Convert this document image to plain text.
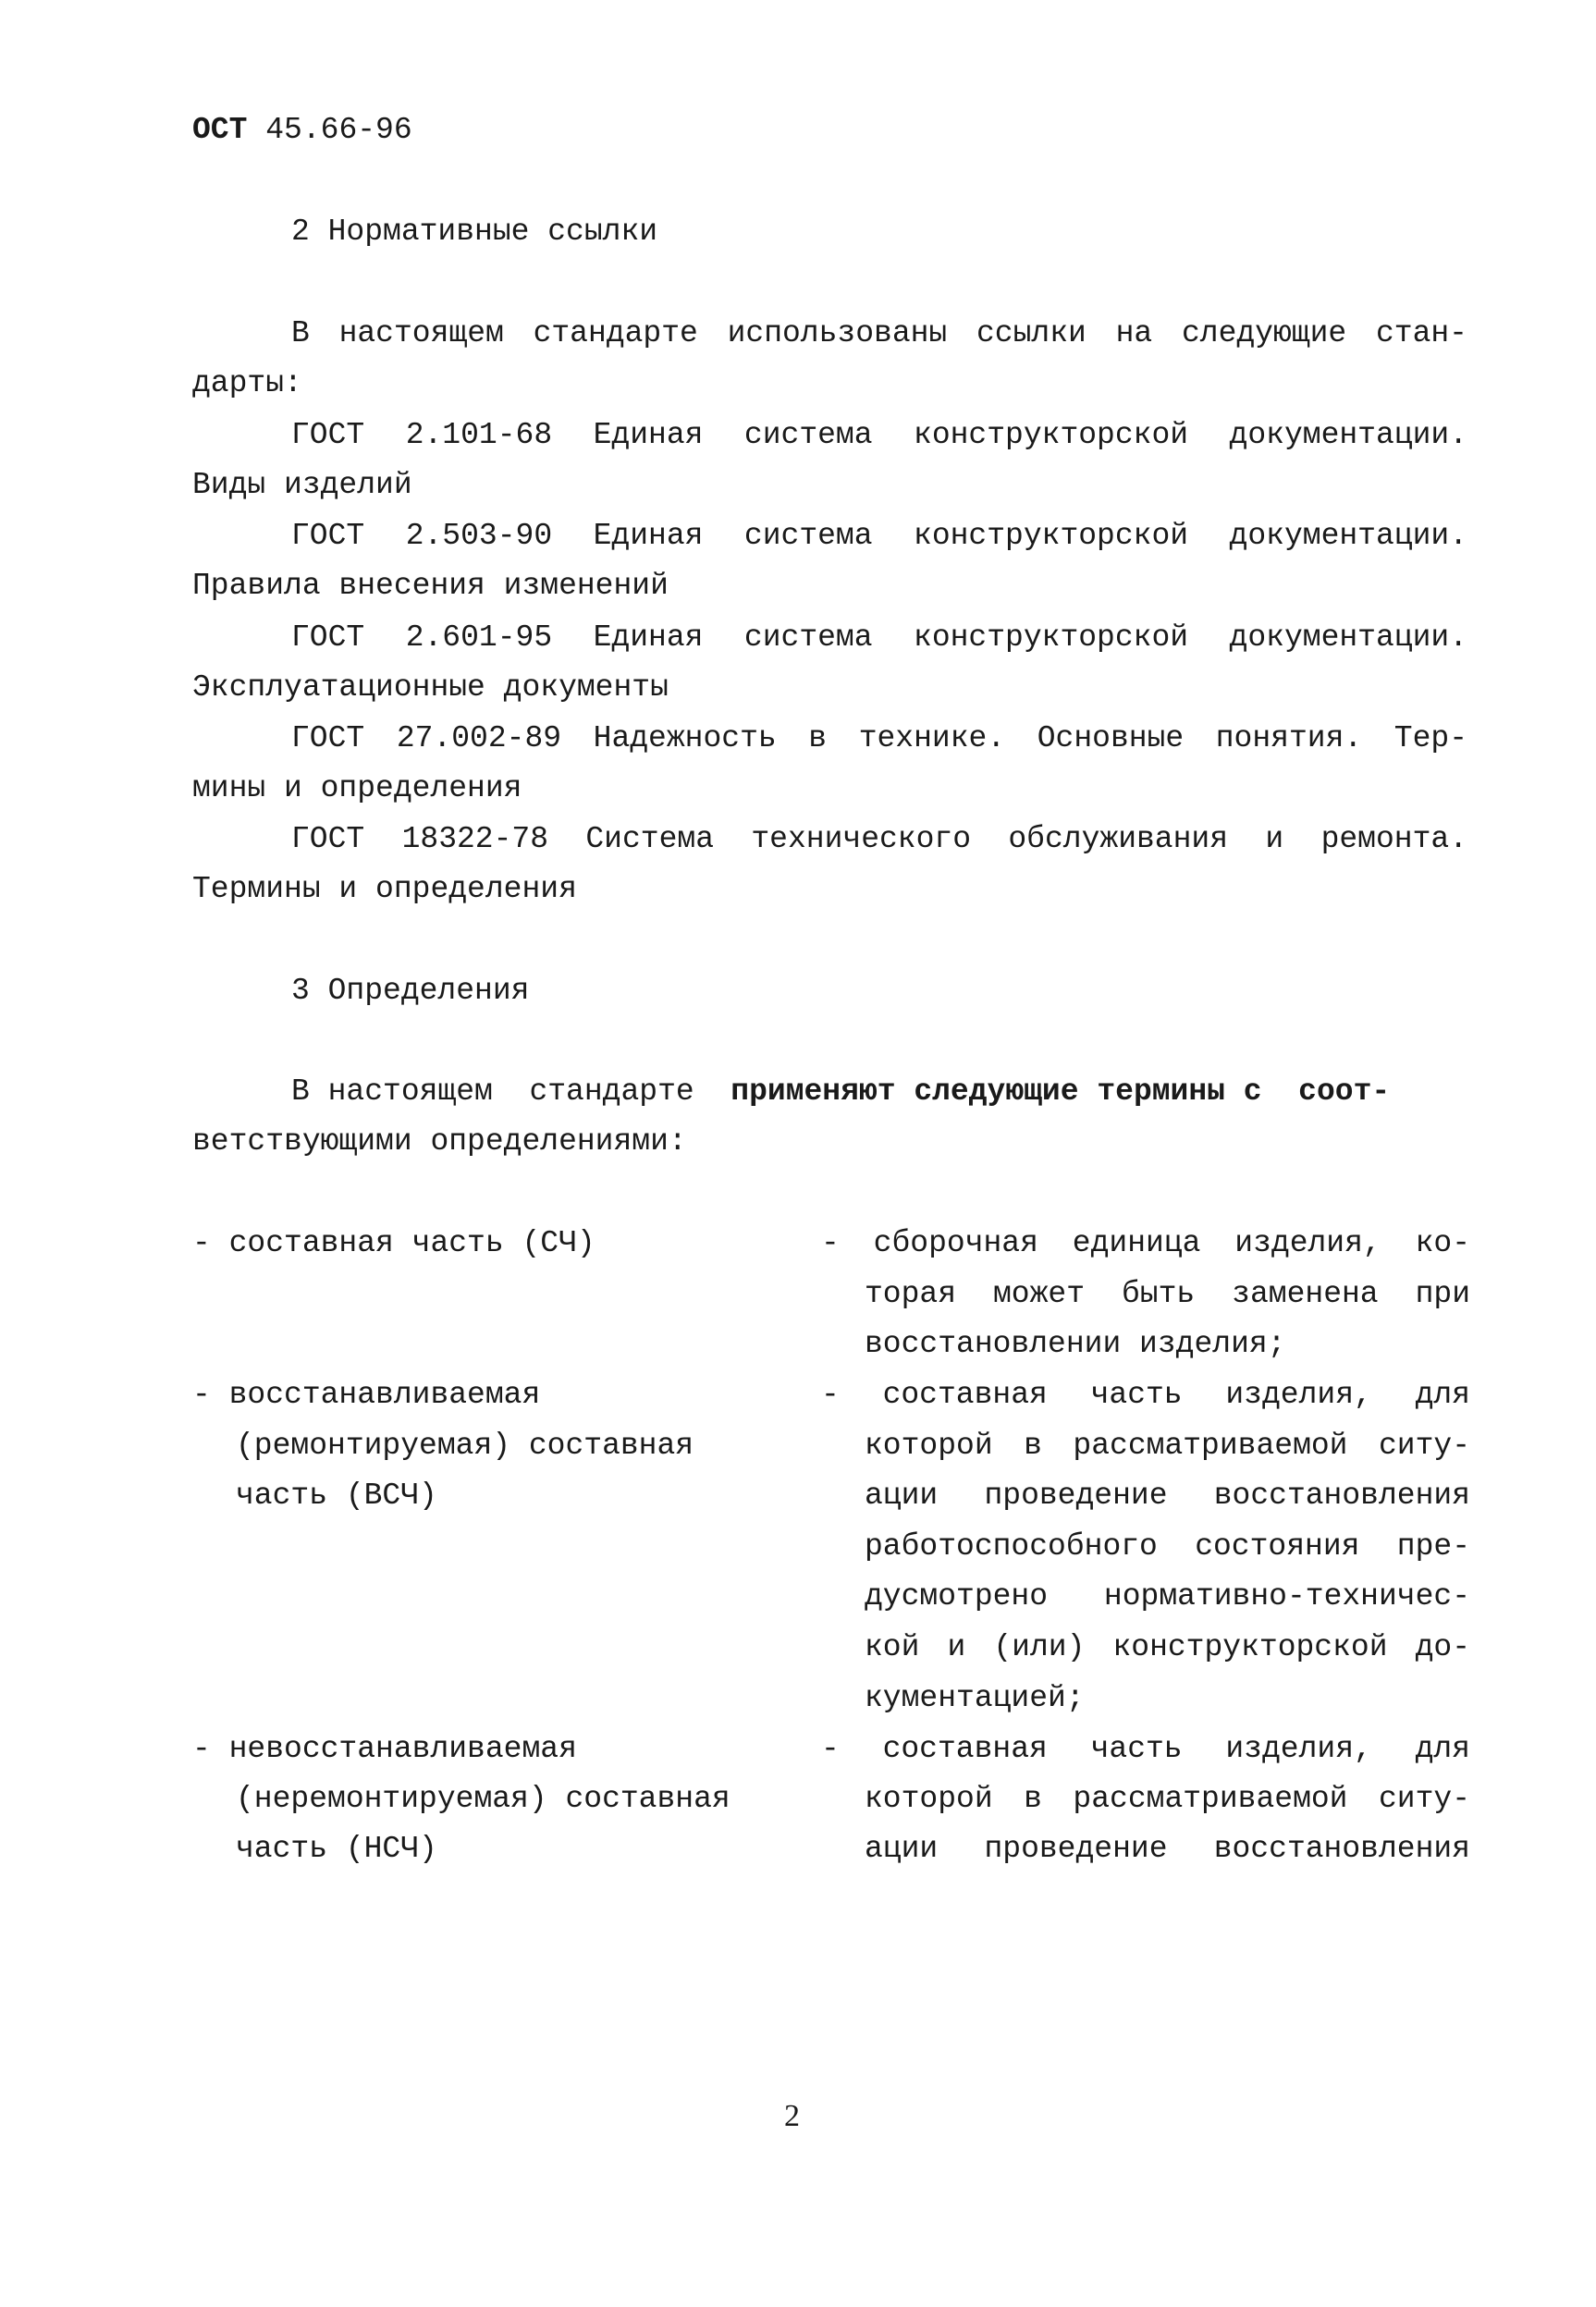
ОСТ 45.66-96
2 Нормативные ссылки
В настоящем стандарте использованы ссылки на следующие стан-
дарты:
ГОСТ 2.101-68 Единая система конструкторской документации.
Виды изделий
ГОСТ 2.503-90 Единая система конструкторской документации.
Правила внесения изменений
ГОСТ 2.601-95 Единая система конструкторской документации.
Эксплуатационные документы
ГОСТ 27.002-89 Надежность в технике. Основные понятия. Тер-
мины и определения
ГОСТ 18322-78 Система технического обслуживания и ремонта.
Термины и определения
3 Определения
В настоящем  стандарте  применяют следующие термины с  соот-
ветствующими определениями:
- составная часть (СЧ)	- сборочная единица изделия, ко-
торая может быть заменена при
восстановлении изделия;
- восстанавливаемая
(ремонтируемая) составная
часть (ВСЧ)
- составная часть изделия, для
которой в рассматриваемой ситу-
ации проведение восстановления
работоспособного состояния пре-
дусмотрено нормативно-техничес-
кой и (или) конструкторской до-
кументацией;
- невосстанавливаемая
(неремонтируемая) составная
часть (НСЧ)
- составная часть изделия, для
которой в рассматриваемой ситу-
ации проведение восстановления
2
